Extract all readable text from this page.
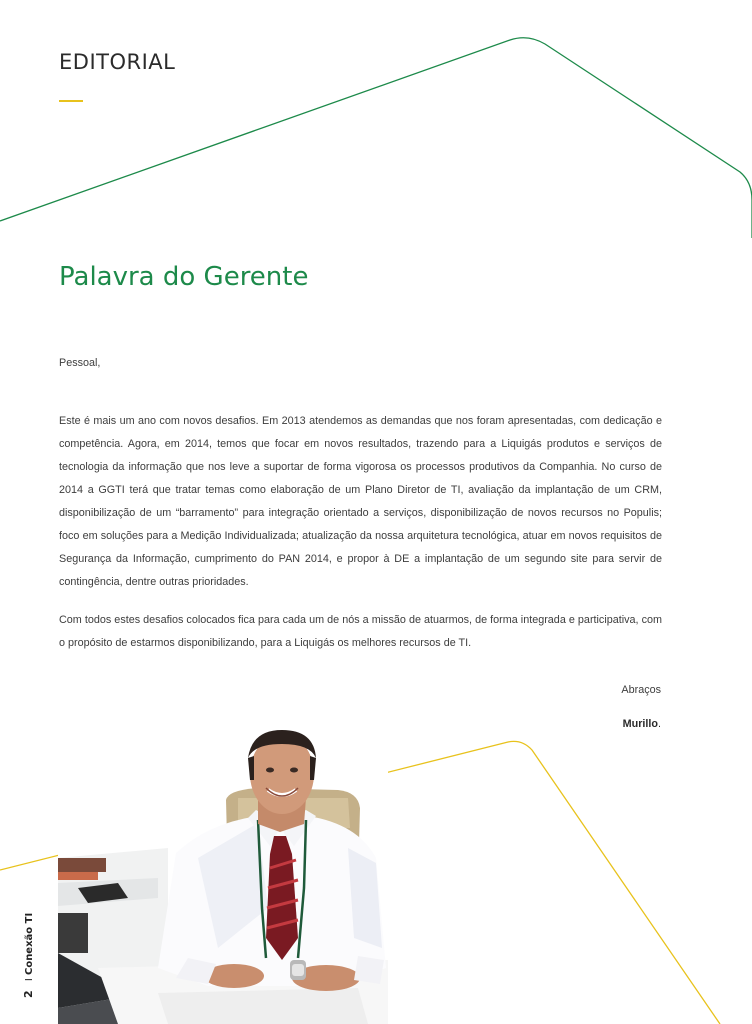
EDITORIAL
Palavra do Gerente
Pessoal,

Este é mais um ano com novos desafios. Em 2013 atendemos as demandas que nos foram apresentadas, com dedicação e competência. Agora, em 2014, temos que focar em novos resultados, trazendo para a Liquigás produtos e serviços de tecnologia da informação que nos leve a suportar de forma vigorosa os processos produtivos da Companhia. No curso de 2014 a GGTI terá que tratar temas como elaboração de um Plano Diretor de TI, avaliação da implantação de um CRM, disponibilização de um “barramento” para integração orientado a serviços, disponibilização de novos recursos no Populis; foco em soluções para a Medição Individualizada; atualização da nossa arquitetura tecnológica, atuar em novos requisitos de Segurança da Informação, cumprimento do PAN 2014, e propor à DE a implantação de um segundo site para servir de contingência, dentre outras prioridades.

Com todos estes desafios colocados fica para cada um de nós a missão de atuarmos, de forma integrada e participativa, com o propósito de estarmos disponibilizando, para a Liquigás os melhores recursos de TI.

Abraços
Murillo.
2 I Conexão TI
